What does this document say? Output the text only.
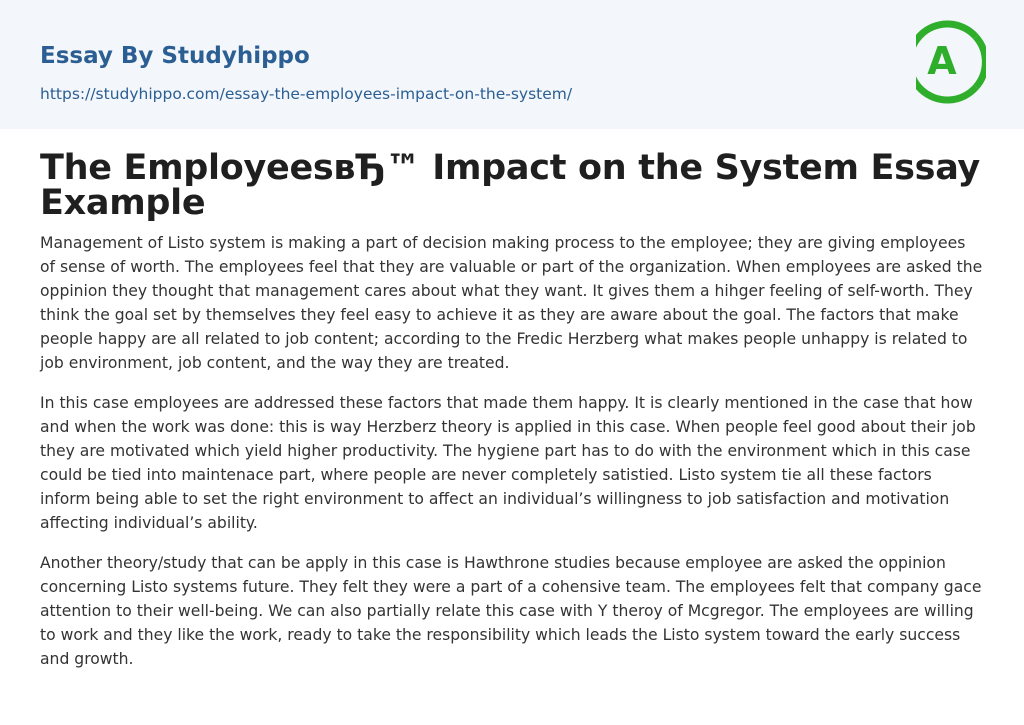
Essay By Studyhippo
https://studyhippo.com/essay-the-employees-impact-on-the-system/
A
The EmployeesвЂ™ Impact on the System Essay Example

Management of Listo system is making a part of decision making process to the employee; they are giving employees of sense of worth. The employees feel that they are valuable or part of the organization. When employees are asked the oppinion they thought that management cares about what they want. It gives them a hihger feeling of self-worth. They think the goal set by themselves they feel easy to achieve it as they are aware about the goal. The factors that make people happy are all related to job content; according to the Fredic Herzberg what makes people unhappy is related to job environment, job content, and the way they are treated.

In this case employees are addressed these factors that made them happy. It is clearly mentioned in the case that how and when the work was done: this is way Herzberz theory is applied in this case. When people feel good about their job they are motivated which yield higher productivity. The hygiene part has to do with the environment which in this case could be tied into maintenace part, where people are never completely satistied. Listo system tie all these factors inform being able to set the right environment to affect an individual’s willingness to job satisfaction and motivation affecting individual’s ability.

Another theory/study that can be apply in this case is Hawthrone studies because employee are asked the oppinion concerning Listo systems future. They felt they were a part of a cohensive team. The employees felt that company gace attention to their well-being. We can also partially relate this case with Y theroy of Mcgregor. The employees are willing to work and they like the work, ready to take the responsibility which leads the Listo system toward the early success and growth.
